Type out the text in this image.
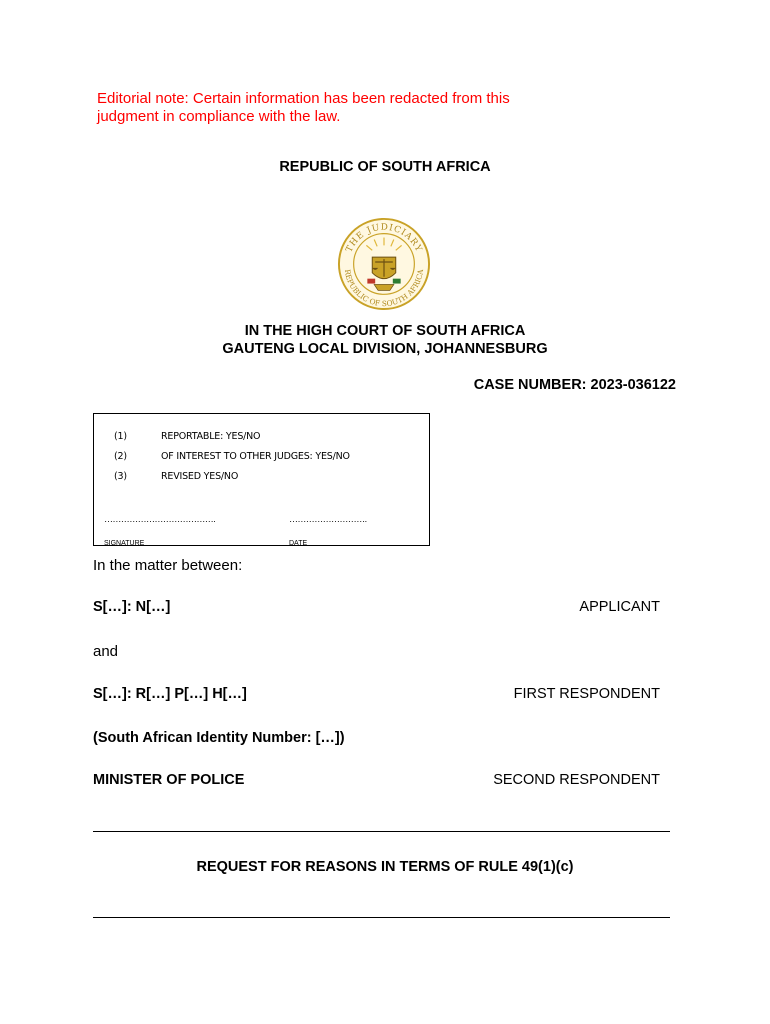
Editorial note: Certain information has been redacted from this
judgment in compliance with the law.
REPUBLIC OF SOUTH AFRICA
THE JUDICIARY
REPUBLIC OF SOUTH AFRICA
IN THE HIGH COURT OF SOUTH AFRICA
GAUTENG LOCAL DIVISION, JOHANNESBURG
CASE NUMBER: 2023-036122
(1)	REPORTABLE: YES/NO
(2)	OF INTEREST TO OTHER JUDGES: YES/NO
(3)	REVISED YES/NO
………………………………….	……………………….
SIGNATURE	DATE
In the matter between:
S[…]: N[…]	APPLICANT
and
S[…]: R[…] P[…] H[…]	FIRST RESPONDENT
(South African Identity Number: […])
MINISTER OF POLICE	SECOND RESPONDENT
REQUEST FOR REASONS IN TERMS OF RULE 49(1)(c)
